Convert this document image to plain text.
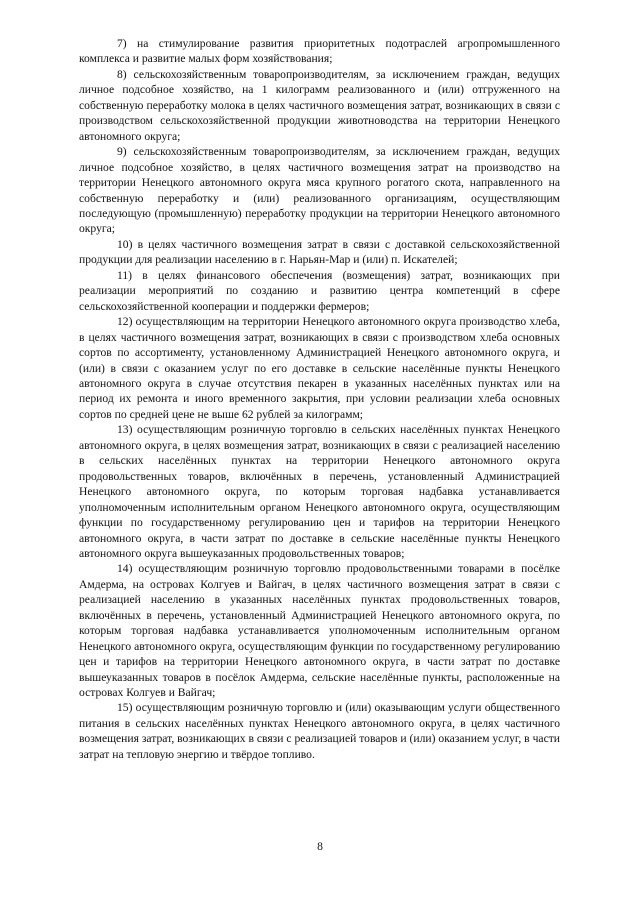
7) на стимулирование развития приоритетных подотраслей агропромышленного комплекса и развитие малых форм хозяйствования;

8) сельскохозяйственным товаропроизводителям, за исключением граждан, ведущих личное подсобное хозяйство, на 1 килограмм реализованного и (или) отгруженного на собственную переработку молока в целях частичного возмещения затрат, возникающих в связи с производством сельскохозяйственной продукции животноводства на территории Ненецкого автономного округа;

9) сельскохозяйственным товаропроизводителям, за исключением граждан, ведущих личное подсобное хозяйство, в целях частичного возмещения затрат на производство на территории Ненецкого автономного округа мяса крупного рогатого скота, направленного на собственную переработку и (или) реализованного организациям, осуществляющим последующую (промышленную) переработку продукции на территории Ненецкого автономного округа;

10) в целях частичного возмещения затрат в связи с доставкой сельскохозяйственной продукции для реализации населению в г. Нарьян-Мар и (или) п. Искателей;

11) в целях финансового обеспечения (возмещения) затрат, возникающих при реализации мероприятий по созданию и развитию центра компетенций в сфере сельскохозяйственной кооперации и поддержки фермеров;

12) осуществляющим на территории Ненецкого автономного округа производство хлеба, в целях частичного возмещения затрат, возникающих в связи с производством хлеба основных сортов по ассортименту, установленному Администрацией Ненецкого автономного округа, и (или) в связи с оказанием услуг по его доставке в сельские населённые пункты Ненецкого автономного округа в случае отсутствия пекарен в указанных населённых пунктах или на период их ремонта и иного временного закрытия, при условии реализации хлеба основных сортов по средней цене не выше 62 рублей за килограмм;

13) осуществляющим розничную торговлю в сельских населённых пунктах Ненецкого автономного округа, в целях возмещения затрат, возникающих в связи с реализацией населению в сельских населённых пунктах на территории Ненецкого автономного округа продовольственных товаров, включённых в перечень, установленный Администрацией Ненецкого автономного округа, по которым торговая надбавка устанавливается уполномоченным исполнительным органом Ненецкого автономного округа, осуществляющим функции по государственному регулированию цен и тарифов на территории Ненецкого автономного округа, в части затрат по доставке в сельские населённые пункты Ненецкого автономного округа вышеуказанных продовольственных товаров;

14) осуществляющим розничную торговлю продовольственными товарами в посёлке Амдерма, на островах Колгуев и Вайгач, в целях частичного возмещения затрат в связи с реализацией населению в указанных населённых пунктах продовольственных товаров, включённых в перечень, установленный Администрацией Ненецкого автономного округа, по которым торговая надбавка устанавливается уполномоченным исполнительным органом Ненецкого автономного округа, осуществляющим функции по государственному регулированию цен и тарифов на территории Ненецкого автономного округа, в части затрат по доставке вышеуказанных товаров в посёлок Амдерма, сельские населённые пункты, расположенные на островах Колгуев и Вайгач;

15) осуществляющим розничную торговлю и (или) оказывающим услуги общественного питания в сельских населённых пунктах Ненецкого автономного округа, в целях частичного возмещения затрат, возникающих в связи с реализацией товаров и (или) оказанием услуг, в части затрат на тепловую энергию и твёрдое топливо.

8
